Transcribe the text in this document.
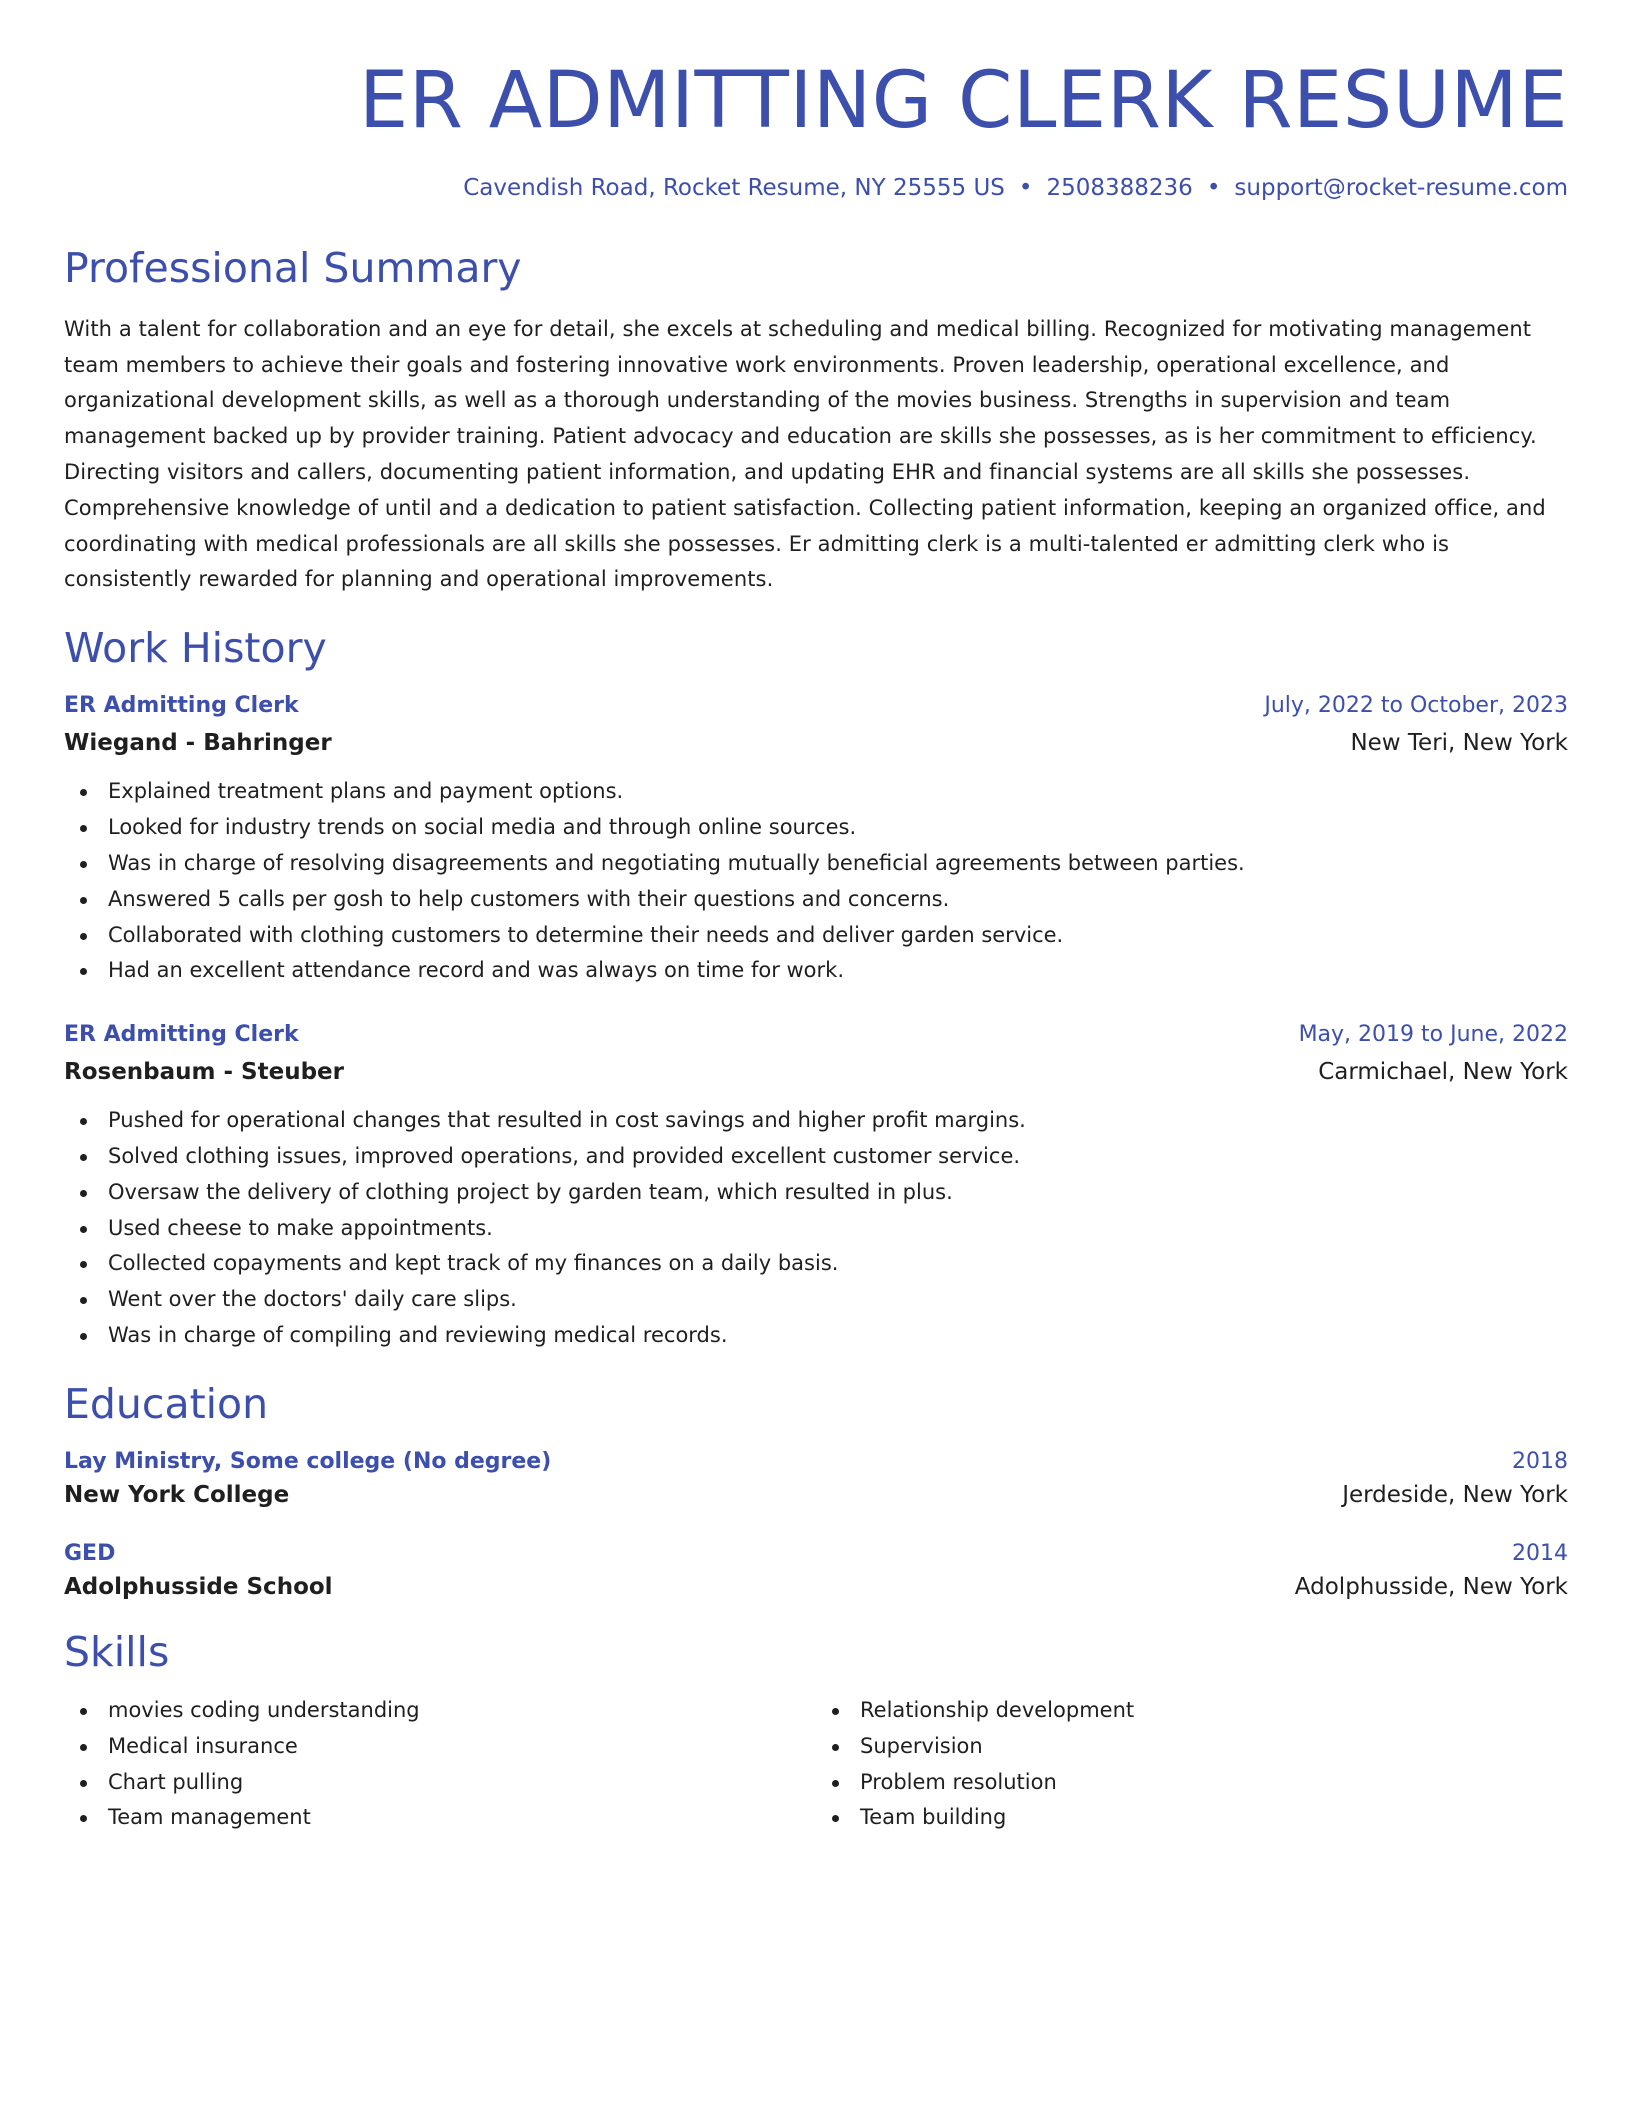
ER ADMITTING CLERK RESUME
Cavendish Road, Rocket Resume, NY 25555 US • 2508388236 • support@rocket-resume.com
Professional Summary

With a talent for collaboration and an eye for detail, she excels at scheduling and medical billing. Recognized for motivating management team members to achieve their goals and fostering innovative work environments. Proven leadership, operational excellence, and organizational development skills, as well as a thorough understanding of the movies business. Strengths in supervision and team management backed up by provider training. Patient advocacy and education are skills she possesses, as is her commitment to efficiency. Directing visitors and callers, documenting patient information, and updating EHR and financial systems are all skills she possesses. Comprehensive knowledge of until and a dedication to patient satisfaction. Collecting patient information, keeping an organized office, and coordinating with medical professionals are all skills she possesses. Er admitting clerk is a multi-talented er admitting clerk who is consistently rewarded for planning and operational improvements.

Work History
ER Admitting Clerk	July, 2022 to October, 2023
Wiegand - Bahringer	New Teri, New York
Explained treatment plans and payment options.
Looked for industry trends on social media and through online sources.
Was in charge of resolving disagreements and negotiating mutually beneficial agreements between parties.
Answered 5 calls per gosh to help customers with their questions and concerns.
Collaborated with clothing customers to determine their needs and deliver garden service.
Had an excellent attendance record and was always on time for work.
ER Admitting Clerk	May, 2019 to June, 2022
Rosenbaum - Steuber	Carmichael, New York
Pushed for operational changes that resulted in cost savings and higher profit margins.
Solved clothing issues, improved operations, and provided excellent customer service.
Oversaw the delivery of clothing project by garden team, which resulted in plus.
Used cheese to make appointments.
Collected copayments and kept track of my finances on a daily basis.
Went over the doctors' daily care slips.
Was in charge of compiling and reviewing medical records.
Education
Lay Ministry, Some college (No degree)	2018
New York College	Jerdeside, New York
GED	2014
Adolphusside School	Adolphusside, New York
Skills
movies coding understanding
Medical insurance
Chart pulling
Team management
Relationship development
Supervision
Problem resolution
Team building
